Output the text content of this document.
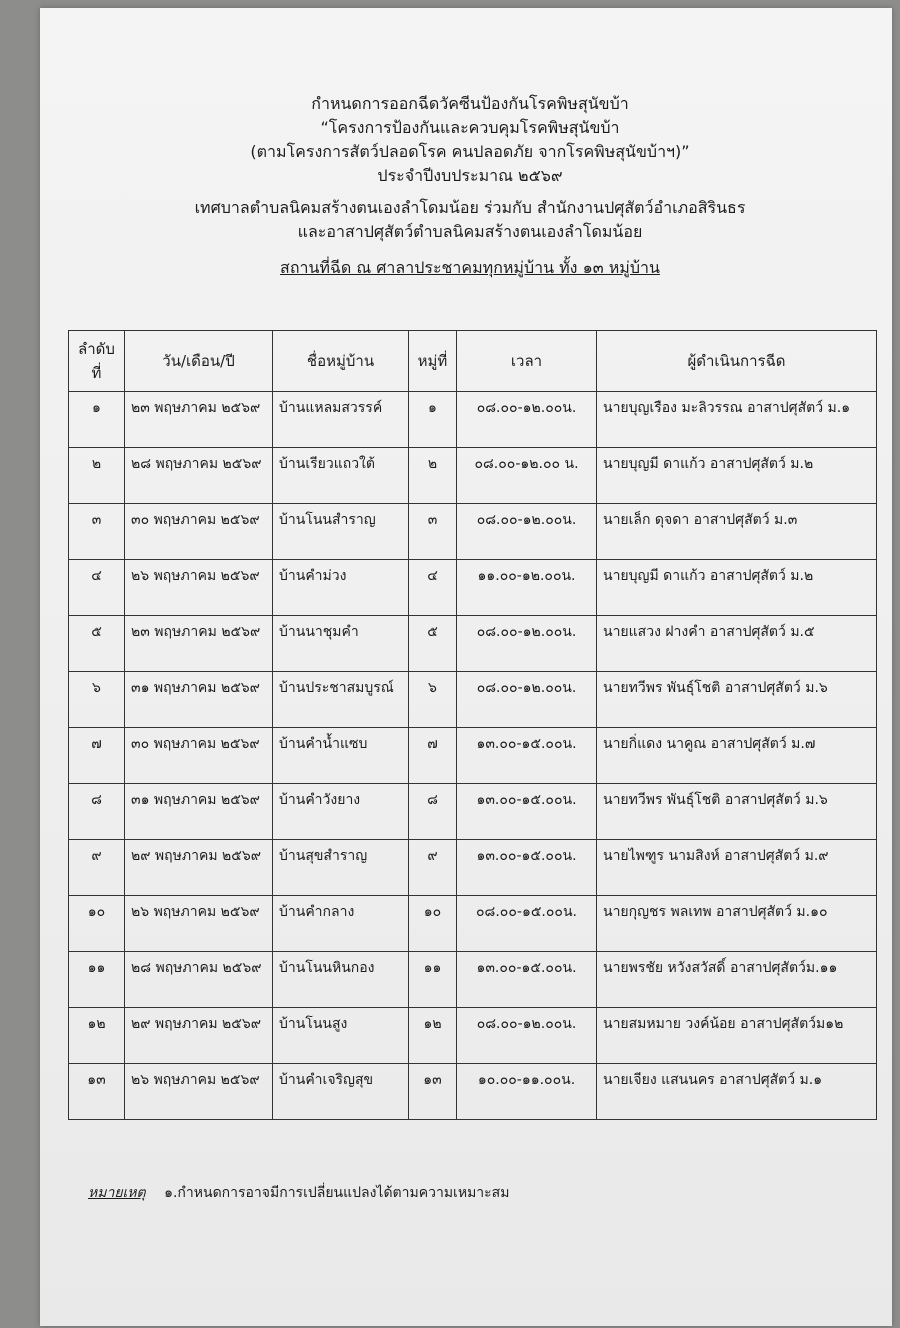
กำหนดการออกฉีดวัคซีนป้องกันโรคพิษสุนัขบ้า
“โครงการป้องกันและควบคุมโรคพิษสุนัขบ้า
(ตามโครงการสัตว์ปลอดโรค คนปลอดภัย จากโรคพิษสุนัขบ้าฯ)”
ประจำปีงบประมาณ ๒๕๖๙
เทศบาลตำบลนิคมสร้างตนเองลำโดมน้อย ร่วมกับ สำนักงานปศุสัตว์อำเภอสิรินธร
และอาสาปศุสัตว์ตำบลนิคมสร้างตนเองลำโดมน้อย
สถานที่ฉีด ณ ศาลาประชาคมทุกหมู่บ้าน ทั้ง ๑๓ หมู่บ้าน
ลำดับที่	วัน/เดือน/ปี	ชื่อหมู่บ้าน	หมู่ที่	เวลา	ผู้ดำเนินการฉีด
๑	๒๓ พฤษภาคม ๒๕๖๙	บ้านแหลมสวรรค์	๑	๐๘.๐๐-๑๒.๐๐น.	นายบุญเรือง มะลิวรรณ อาสาปศุสัตว์ ม.๑
๒	๒๘ พฤษภาคม ๒๕๖๙	บ้านเรียวแถวใต้	๒	๐๘.๐๐-๑๒.๐๐ น.	นายบุญมี ดาแก้ว อาสาปศุสัตว์ ม.๒
๓	๓๐ พฤษภาคม ๒๕๖๙	บ้านโนนสำราญ	๓	๐๘.๐๐-๑๒.๐๐น.	นายเล็ก ดุจดา อาสาปศุสัตว์ ม.๓
๔	๒๖ พฤษภาคม ๒๕๖๙	บ้านคำม่วง	๔	๑๑.๐๐-๑๒.๐๐น.	นายบุญมี ดาแก้ว อาสาปศุสัตว์ ม.๒
๕	๒๓ พฤษภาคม ๒๕๖๙	บ้านนาชุมคำ	๕	๐๘.๐๐-๑๒.๐๐น.	นายแสวง ฝางคำ อาสาปศุสัตว์ ม.๕
๖	๓๑ พฤษภาคม ๒๕๖๙	บ้านประชาสมบูรณ์	๖	๐๘.๐๐-๑๒.๐๐น.	นายทวีพร พันธุ์โชติ อาสาปศุสัตว์ ม.๖
๗	๓๐ พฤษภาคม ๒๕๖๙	บ้านคำน้ำแซบ	๗	๑๓.๐๐-๑๕.๐๐น.	นายกิ่แดง นาคูณ อาสาปศุสัตว์ ม.๗
๘	๓๑ พฤษภาคม ๒๕๖๙	บ้านคำวังยาง	๘	๑๓.๐๐-๑๕.๐๐น.	นายทวีพร พันธุ์โชติ อาสาปศุสัตว์ ม.๖
๙	๒๙ พฤษภาคม ๒๕๖๙	บ้านสุขสำราญ	๙	๑๓.๐๐-๑๕.๐๐น.	นายไพฑูร นามสิงห์ อาสาปศุสัตว์ ม.๙
๑๐	๒๖ พฤษภาคม ๒๕๖๙	บ้านคำกลาง	๑๐	๐๘.๐๐-๑๕.๐๐น.	นายกุญชร พลเทพ อาสาปศุสัตว์ ม.๑๐
๑๑	๒๘ พฤษภาคม ๒๕๖๙	บ้านโนนหินกอง	๑๑	๑๓.๐๐-๑๕.๐๐น.	นายพรชัย หวังสวัสดิ์ อาสาปศุสัตว์ม.๑๑
๑๒	๒๙ พฤษภาคม ๒๕๖๙	บ้านโนนสูง	๑๒	๐๘.๐๐-๑๒.๐๐น.	นายสมหมาย วงค์น้อย อาสาปศุสัตว์ม๑๒
๑๓	๒๖ พฤษภาคม ๒๕๖๙	บ้านคำเจริญสุข	๑๓	๑๐.๐๐-๑๑.๐๐น.	นายเจียง แสนนคร อาสาปศุสัตว์ ม.๑
หมายเหตุ ๑.กำหนดการอาจมีการเปลี่ยนแปลงได้ตามความเหมาะสม
